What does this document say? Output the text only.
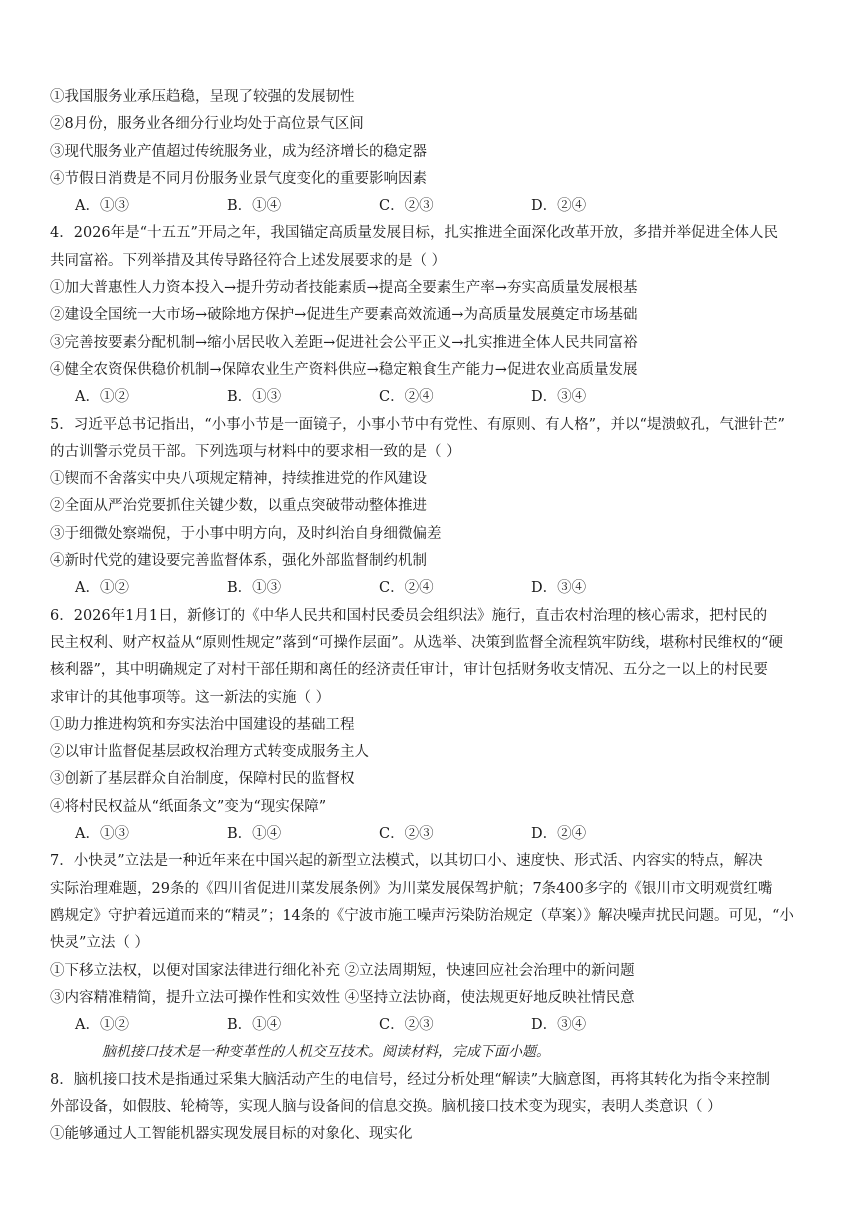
①我国服务业承压趋稳，呈现了较强的发展韧性
②8月份，服务业各细分行业均处于高位景气区间
③现代服务业产值超过传统服务业，成为经济增长的稳定器
④节假日消费是不同月份服务业景气度变化的重要影响因素
A．①③	B．①④	C．②③	D．②④
4．2026年是“十五五”开局之年，我国锚定高质量发展目标，扎实推进全面深化改革开放，多措并举促进全体人民
共同富裕。下列举措及其传导路径符合上述发展要求的是（ ）
①加大普惠性人力资本投入→提升劳动者技能素质→提高全要素生产率→夯实高质量发展根基
②建设全国统一大市场→破除地方保护→促进生产要素高效流通→为高质量发展奠定市场基础
③完善按要素分配机制→缩小居民收入差距→促进社会公平正义→扎实推进全体人民共同富裕
④健全农资保供稳价机制→保障农业生产资料供应→稳定粮食生产能力→促进农业高质量发展
A．①②	B．①③	C．②④	D．③④
5．习近平总书记指出，“小事小节是一面镜子，小事小节中有党性、有原则、有人格”，并以“堤溃蚁孔，气泄针芒”
的古训警示党员干部。下列选项与材料中的要求相一致的是（ ）
①锲而不舍落实中央八项规定精神，持续推进党的作风建设
②全面从严治党要抓住关键少数，以重点突破带动整体推进
③于细微处察端倪，于小事中明方向，及时纠治自身细微偏差
④新时代党的建设要完善监督体系，强化外部监督制约机制
A．①②	B．①③	C．②④	D．③④
6．2026年1月1日，新修订的《中华人民共和国村民委员会组织法》施行，直击农村治理的核心需求，把村民的
民主权利、财产权益从“原则性规定”落到“可操作层面”。从选举、决策到监督全流程筑牢防线，堪称村民维权的“硬
核利器”，其中明确规定了对村干部任期和离任的经济责任审计，审计包括财务收支情况、五分之一以上的村民要
求审计的其他事项等。这一新法的实施（ ）
①助力推进构筑和夯实法治中国建设的基础工程
②以审计监督促基层政权治理方式转变成服务主人
③创新了基层群众自治制度，保障村民的监督权
④将村民权益从“纸面条文”变为“现实保障”
A．①③	B．①④	C．②③	D．②④
7．小快灵”立法是一种近年来在中国兴起的新型立法模式，以其切口小、速度快、形式活、内容实的特点，解决
实际治理难题，29条的《四川省促进川菜发展条例》为川菜发展保驾护航；7条400多字的《银川市文明观赏红嘴
鸥规定》守护着远道而来的“精灵”；14条的《宁波市施工噪声污染防治规定（草案）》解决噪声扰民问题。可见，“小
快灵”立法（ ）
①下移立法权，以便对国家法律进行细化补充 ②立法周期短，快速回应社会治理中的新问题
③内容精准精简，提升立法可操作性和实效性 ④坚持立法协商，使法规更好地反映社情民意
A．①②	B．①④	C．②③	D．③④
脑机接口技术是一种变革性的人机交互技术。阅读材料，完成下面小题。
8．脑机接口技术是指通过采集大脑活动产生的电信号，经过分析处理“解读”大脑意图，再将其转化为指令来控制
外部设备，如假肢、轮椅等，实现人脑与设备间的信息交换。脑机接口技术变为现实，表明人类意识（ ）
①能够通过人工智能机器实现发展目标的对象化、现实化
